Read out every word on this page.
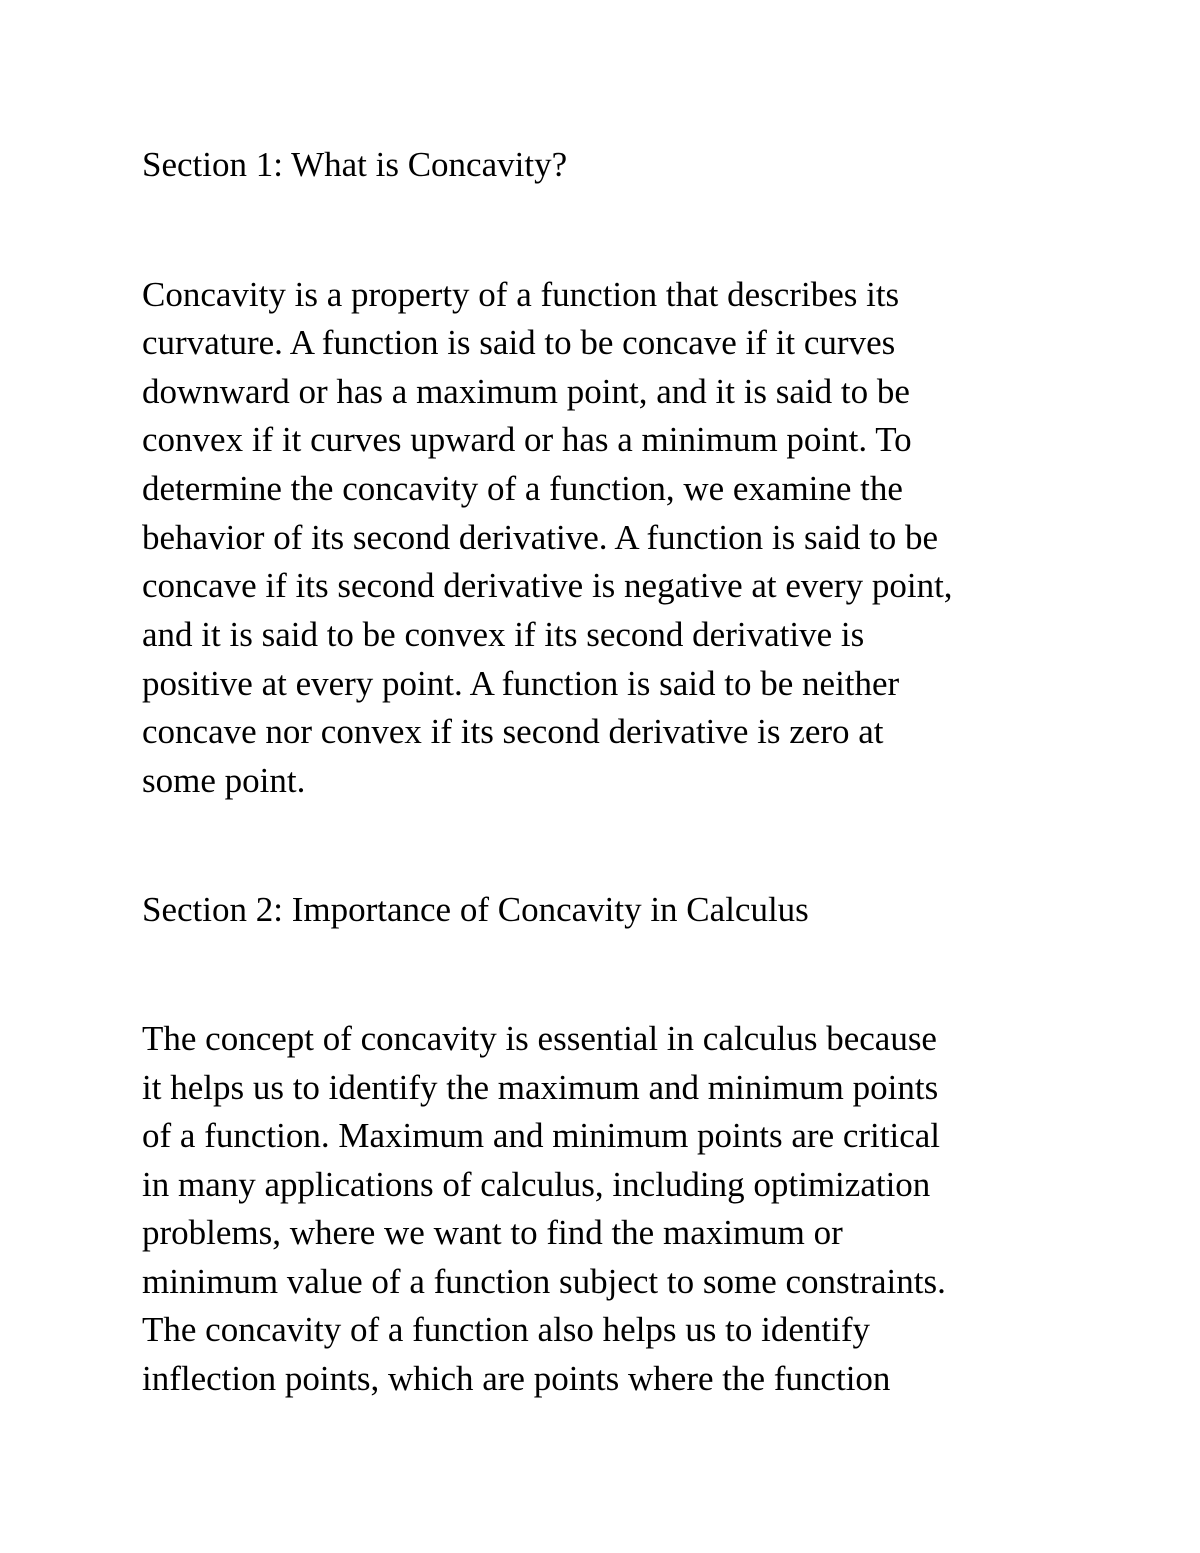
Section 1: What is Concavity?

Concavity is a property of a function that describes its

curvature. A function is said to be concave if it curves

downward or has a maximum point, and it is said to be

convex if it curves upward or has a minimum point. To

determine the concavity of a function, we examine the

behavior of its second derivative. A function is said to be

concave if its second derivative is negative at every point,

and it is said to be convex if its second derivative is

positive at every point. A function is said to be neither

concave nor convex if its second derivative is zero at

some point.

Section 2: Importance of Concavity in Calculus

The concept of concavity is essential in calculus because

it helps us to identify the maximum and minimum points

of a function. Maximum and minimum points are critical

in many applications of calculus, including optimization

problems, where we want to find the maximum or

minimum value of a function subject to some constraints.

The concavity of a function also helps us to identify

inflection points, which are points where the function
